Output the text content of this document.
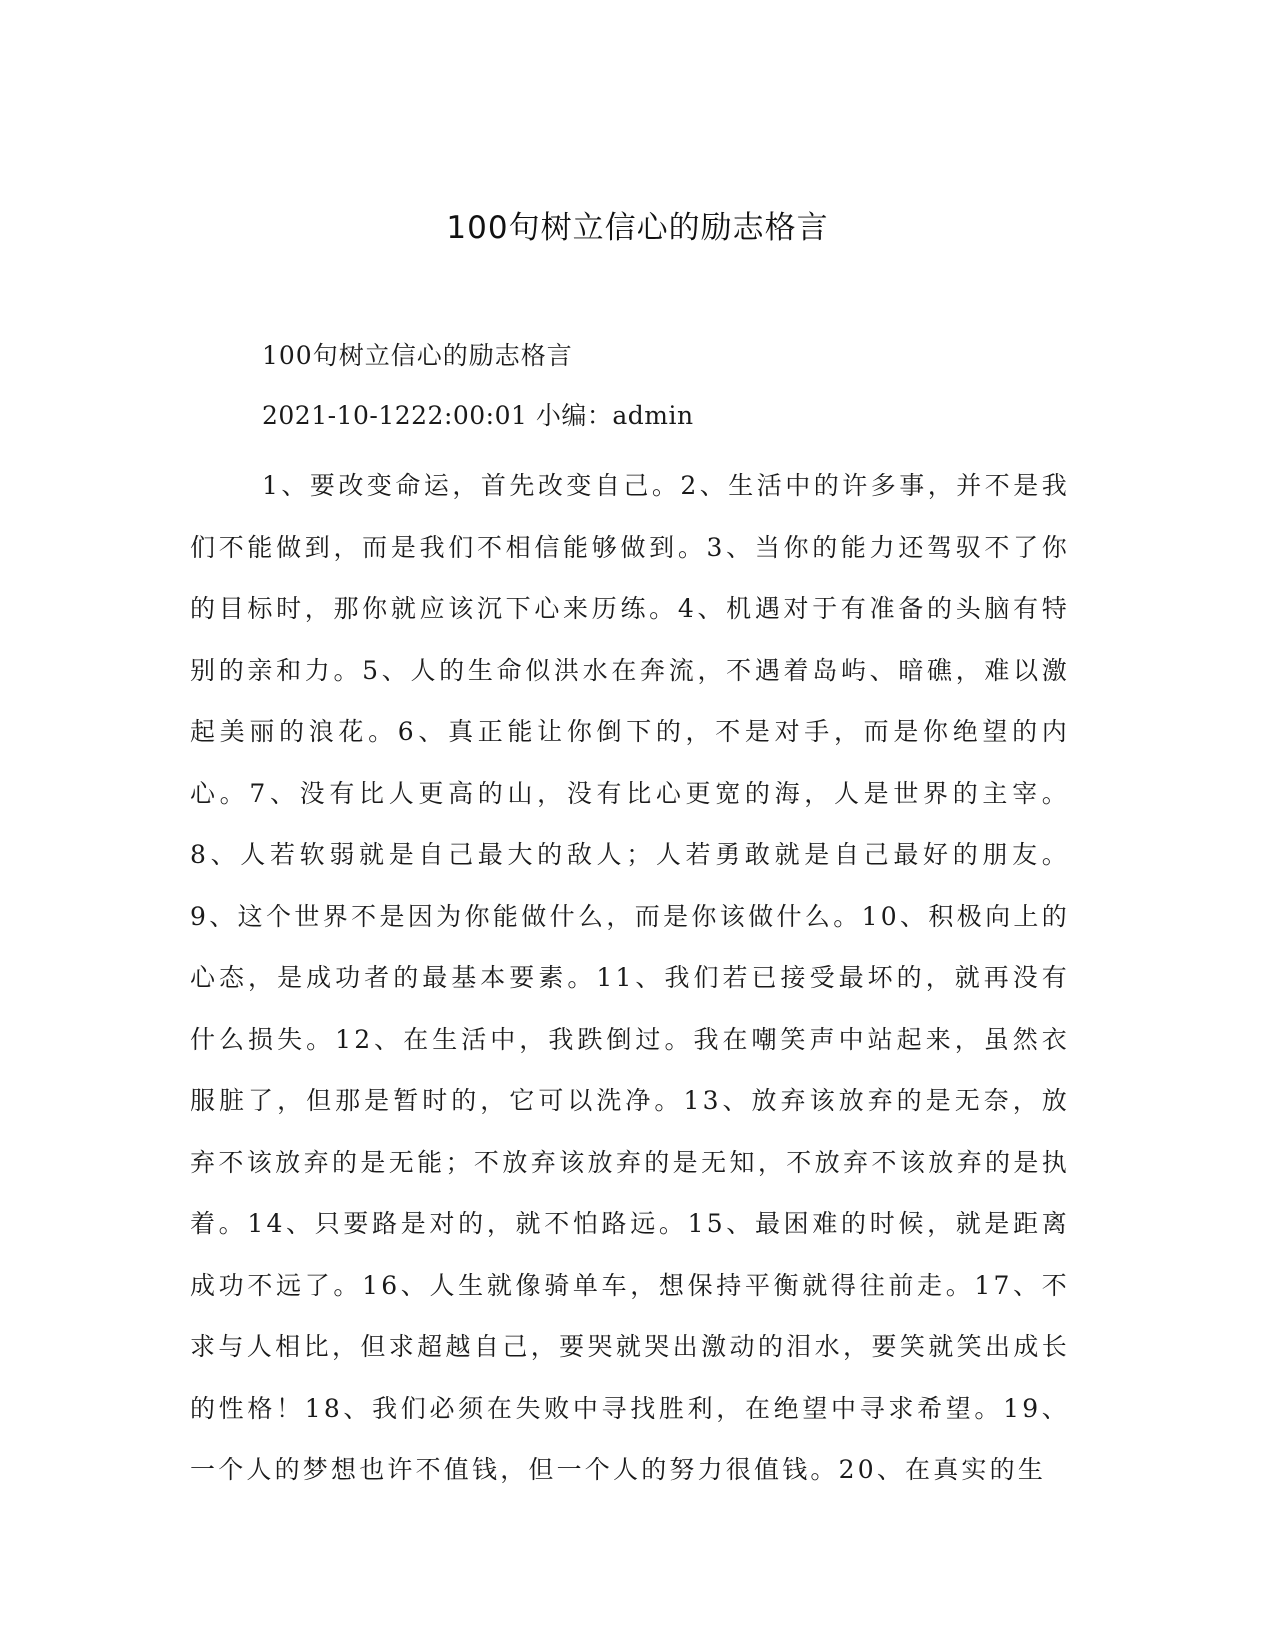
100句树立信心的励志格言

100句树立信心的励志格言

2021-10-1222:00:01 小编：admin

1、要改变命运，首先改变自己。2、生活中的许多事，并不是我们不能做到，而是我们不相信能够做到。3、当你的能力还驾驭不了你的目标时，那你就应该沉下心来历练。4、机遇对于有准备的头脑有特别的亲和力。5、人的生命似洪水在奔流，不遇着岛屿、暗礁，难以激起美丽的浪花。6、真正能让你倒下的，不是对手，而是你绝望的内心。7、没有比人更高的山，没有比心更宽的海，人是世界的主宰。8、人若软弱就是自己最大的敌人；人若勇敢就是自己最好的朋友。9、这个世界不是因为你能做什么，而是你该做什么。10、积极向上的心态，是成功者的最基本要素。11、我们若已接受最坏的，就再没有什么损失。12、在生活中，我跌倒过。我在嘲笑声中站起来，虽然衣服脏了，但那是暂时的，它可以洗净。13、放弃该放弃的是无奈，放弃不该放弃的是无能；不放弃该放弃的是无知，不放弃不该放弃的是执着。14、只要路是对的，就不怕路远。15、最困难的时候，就是距离成功不远了。16、人生就像骑单车，想保持平衡就得往前走。17、不求与人相比，但求超越自己，要哭就哭出激动的泪水，要笑就笑出成长的性格！18、我们必须在失败中寻找胜利，在绝望中寻求希望。19、一个人的梦想也许不值钱，但一个人的努力很值钱。20、在真实的生
